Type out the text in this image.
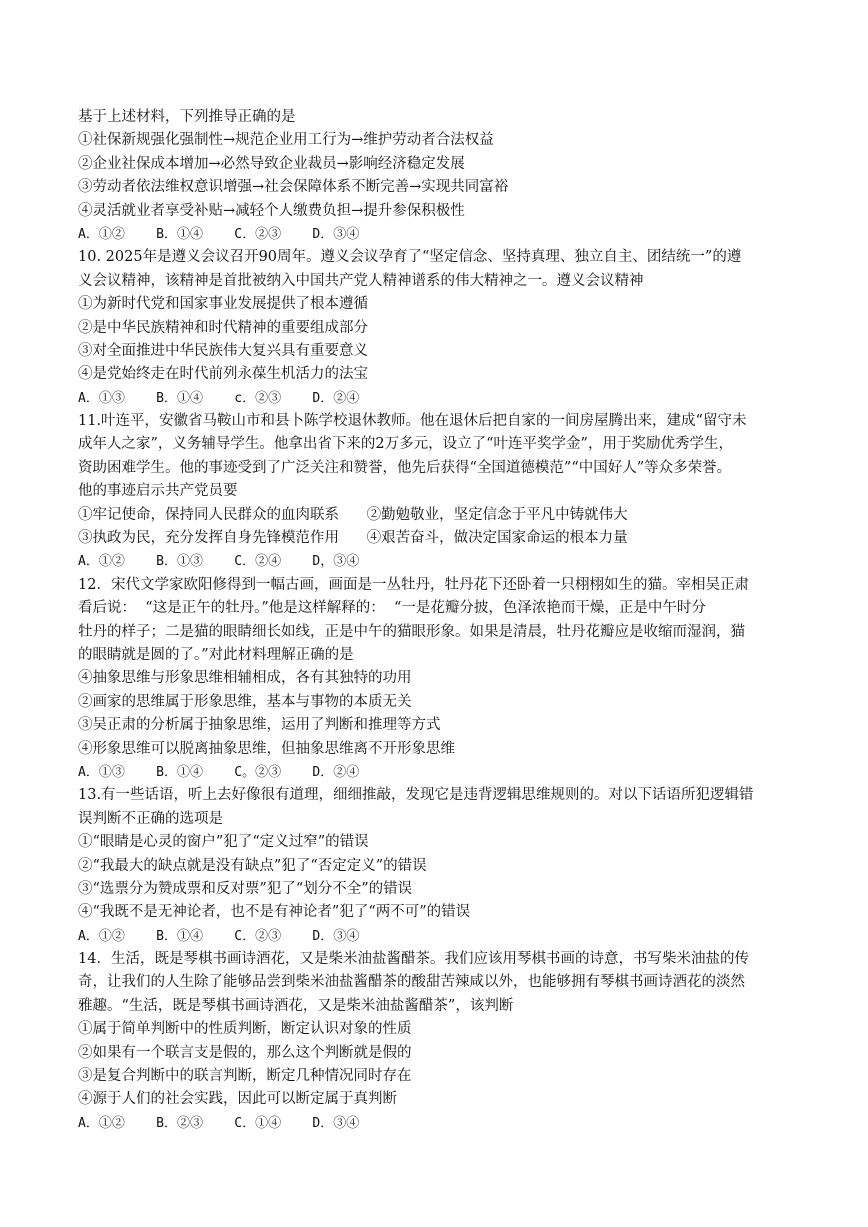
基于上述材料，下列推导正确的是
①社保新规强化强制性→规范企业用工行为→维护劳动者合法权益
②企业社保成本增加→必然导致企业裁员→影响经济稳定发展
③劳动者依法维权意识增强→社会保障体系不断完善→实现共同富裕
④灵活就业者享受补贴→减轻个人缴费负担→提升参保积极性
A．①②    B．①④    C．②③    D．③④
10. 2025年是遵义会议召开90周年。遵义会议孕育了“坚定信念、坚持真理、独立自主、团结统一”的遵
义会议精神，该精神是首批被纳入中国共产党人精神谱系的伟大精神之一。遵义会议精神
①为新时代党和国家事业发展提供了根本遵循
②是中华民族精神和时代精神的重要组成部分
③对全面推进中华民族伟大复兴具有重要意义
④是党始终走在时代前列永葆生机活力的法宝
A．①③    B．①④    c．②③    D．②④
11.叶连平，安徽省马鞍山市和县卜陈学校退休教师。他在退休后把自家的一间房屋腾出来，建成“留守未
成年人之家”，义务辅导学生。他拿出省下来的2万多元，设立了“叶连平奖学金”，用于奖励优秀学生，
资助困难学生。他的事迹受到了广泛关注和赞誉，他先后获得“全国道德模范”“中国好人”等众多荣誉。
他的事迹启示共产党员要
①牢记使命，保持同人民群众的血肉联系      ②勤勉敬业，坚定信念于平凡中铸就伟大
③执政为民，充分发挥自身先锋模范作用      ④艰苦奋斗，做决定国家命运的根本力量
A．①②    B．①③    C．②④    D，③④
12．宋代文学家欧阳修得到一幅古画，画面是一丛牡丹，牡丹花下还卧着一只栩栩如生的猫。宰相吴正肃
看后说：  “这是正午的牡丹。”他是这样解释的：  “一是花瓣分披，色泽浓艳而干燥，正是中午时分
牡丹的样子；二是猫的眼睛细长如线，正是中午的猫眼形象。如果是清晨，牡丹花瓣应是收缩而湿润，猫
的眼睛就是圆的了。”对此材料理解正确的是
④抽象思维与形象思维相辅相成，各有其独特的功用
②画家的思维属于形象思维，基本与事物的本质无关
③吴正肃的分析属于抽象思维，运用了判断和推理等方式
④形象思维可以脱离抽象思维，但抽象思维离不开形象思维
A．①③    B．①④    C。②③    D．②④
13.有一些话语，听上去好像很有道理，细细推敲，发现它是违背逻辑思维规则的。对以下话语所犯逻辑错
误判断不正确的选项是
①“眼睛是心灵的窗户”犯了“定义过窄”的错误
②“我最大的缺点就是没有缺点”犯了“否定定义”的错误
③“选票分为赞成票和反对票”犯了“划分不全”的错误
④“我既不是无神论者，也不是有神论者”犯了“两不可”的错误
A．①②    B．①④    C．②③    D．③④
14．生活，既是琴棋书画诗酒花，又是柴米油盐酱醋茶。我们应该用琴棋书画的诗意，书写柴米油盐的传
奇，让我们的人生除了能够品尝到柴米油盐酱醋茶的酸甜苦辣咸以外，也能够拥有琴棋书画诗酒花的淡然
雅趣。“生活，既是琴棋书画诗酒花，又是柴米油盐酱醋茶”，该判断
①属于简单判断中的性质判断，断定认识对象的性质
②如果有一个联言支是假的，那么这个判断就是假的
③是复合判断中的联言判断，断定几种情况同时存在
④源于人们的社会实践，因此可以断定属于真判断
A．①②    B．②③    C．①④    D．③④
